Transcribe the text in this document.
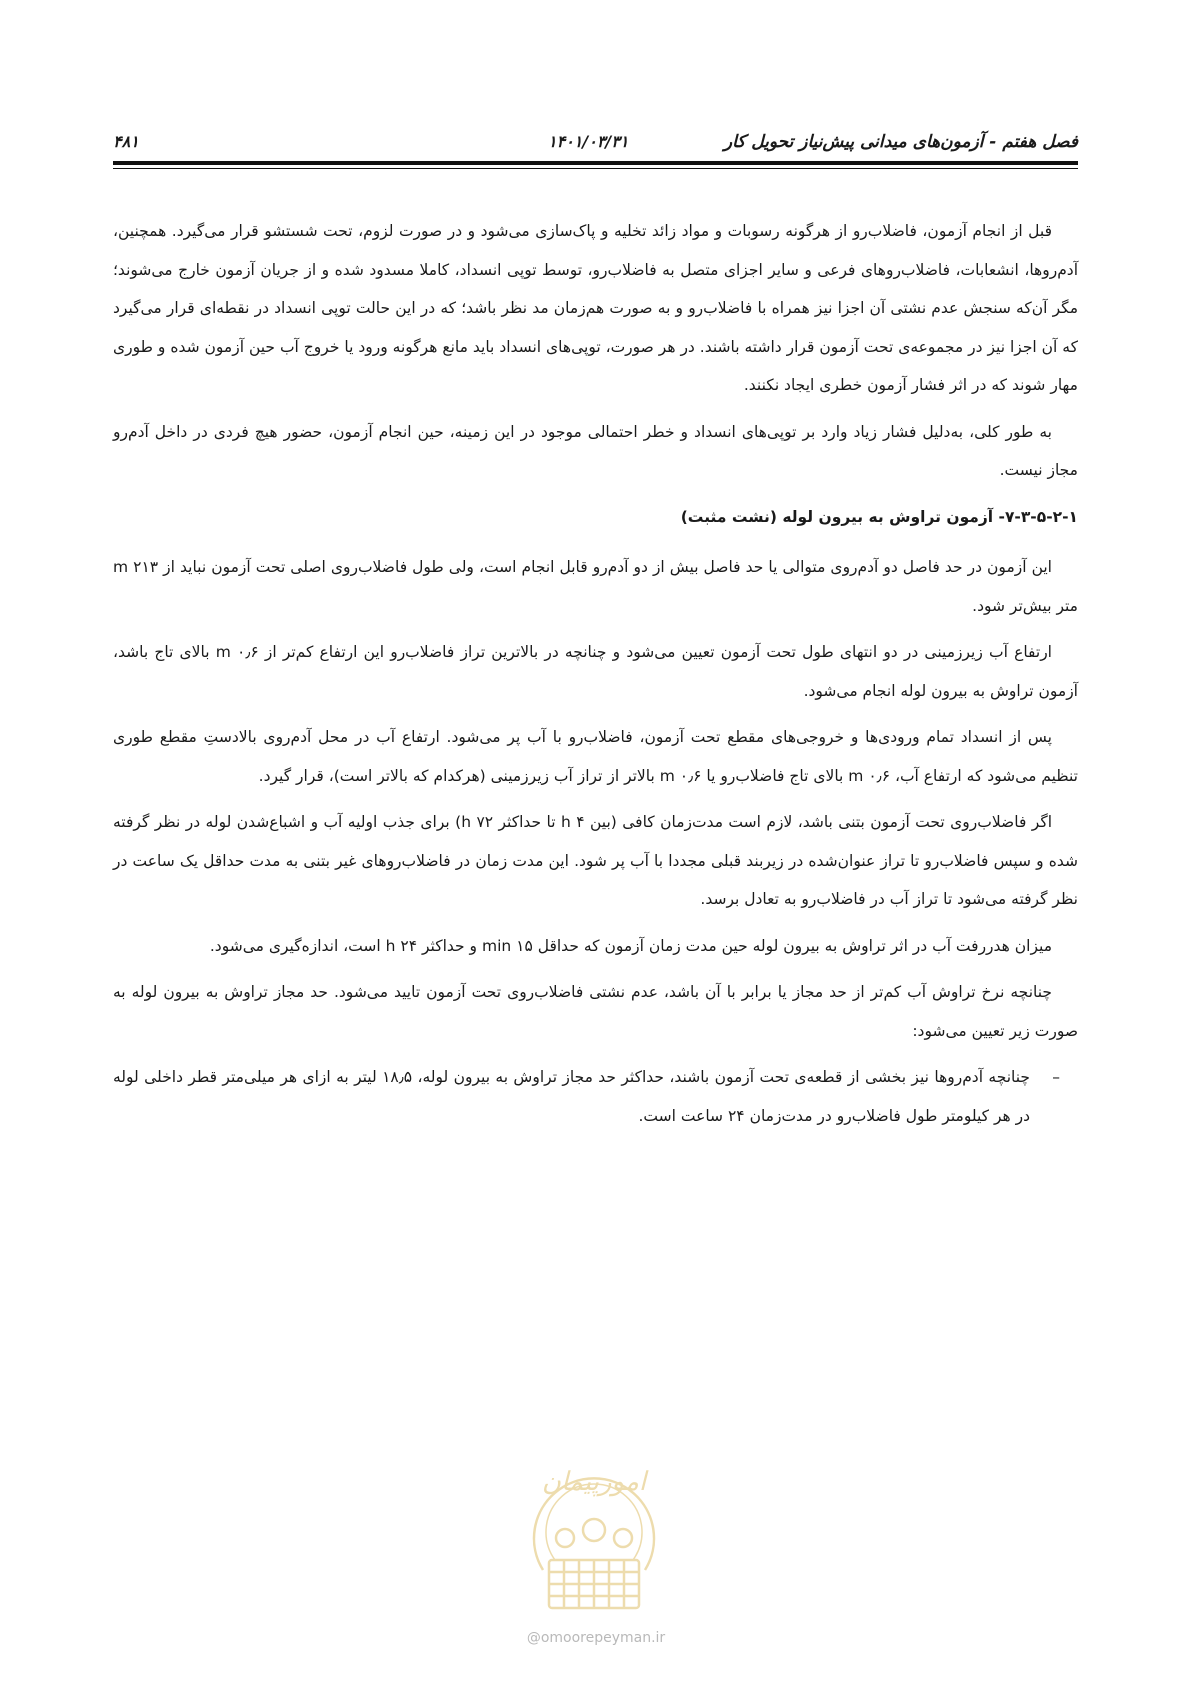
فصل هفتم - آزمون‌های میدانی پیش‌نیاز تحویل کار
۱۴۰۱/۰۳/۳۱
۴۸۱

قبل از انجام آزمون، فاضلاب‌رو از هرگونه رسوبات و مواد زائد تخلیه و پاک‌سازی می‌شود و در صورت لزوم، تحت شستشو قرار می‌گیرد. همچنین، آدم‌روها، انشعابات، فاضلاب‌روهای فرعی و سایر اجزای متصل به فاضلاب‌رو، توسط توپی انسداد، کاملا مسدود شده و از جریان آزمون خارج می‌شوند؛ مگر آن‌که سنجش عدم نشتی آن اجزا نیز همراه با فاضلاب‌رو و به صورت هم‌زمان مد نظر باشد؛ که در این حالت توپی انسداد در نقطه‌ای قرار می‌گیرد که آن اجزا نیز در مجموعه‌ی تحت آزمون قرار داشته باشند. در هر صورت، توپی‌های انسداد باید مانع هرگونه ورود یا خروج آب حین آزمون شده و طوری مهار شوند که در اثر فشار آزمون خطری ایجاد نکنند.

به طور کلی، به‌دلیل فشار زیاد وارد بر توپی‌های انسداد و خطر احتمالی موجود در این زمینه، حین انجام آزمون، حضور هیچ فردی در داخل آدم‌رو مجاز نیست.

۷-۳-۵-۲-۱- آزمون تراوش به بیرون لوله (نشت مثبت)

این آزمون در حد فاصل دو آدم‌روی متوالی یا حد فاصل بیش از دو آدم‌رو قابل انجام است، ولی طول فاضلاب‌روی اصلی تحت آزمون نباید از ۲۱۳ m متر بیش‌تر شود.

ارتفاع آب زیرزمینی در دو انتهای طول تحت آزمون تعیین می‌شود و چنانچه در بالاترین تراز فاضلاب‌رو این ارتفاع کم‌تر از ۰٫۶ m بالای تاج باشد، آزمون تراوش به بیرون لوله انجام می‌شود.

پس از انسداد تمام ورودی‌ها و خروجی‌های مقطع تحت آزمون، فاضلاب‌رو با آب پر می‌شود. ارتفاع آب در محل آدم‌روی بالادستِ مقطع طوری تنظیم می‌شود که ارتفاع آب، ۰٫۶ m بالای تاج فاضلاب‌رو یا ۰٫۶ m بالاتر از تراز آب زیرزمینی (هرکدام که بالاتر است)، قرار گیرد.

اگر فاضلاب‌روی تحت آزمون بتنی باشد، لازم است مدت‌زمان کافی (بین ۴ h تا حداکثر ۷۲ h) برای جذب اولیه آب و اشباع‌شدن لوله در نظر گرفته شده و سپس فاضلاب‌رو تا تراز عنوان‌شده در زیربند قبلی مجددا با آب پر شود. این مدت زمان در فاضلاب‌روهای غیر بتنی به مدت حداقل یک ساعت در نظر گرفته می‌شود تا تراز آب در فاضلاب‌رو به تعادل برسد.

میزان هدررفت آب در اثر تراوش به بیرون لوله حین مدت زمان آزمون که حداقل ۱۵ min و حداکثر ۲۴ h است، اندازه‌گیری می‌شود.

چنانچه نرخ تراوش آب کم‌تر از حد مجاز یا برابر با آن باشد، عدم نشتی فاضلاب‌روی تحت آزمون تایید می‌شود. حد مجاز تراوش به بیرون لوله به صورت زیر تعیین می‌شود:

–
چنانچه آدم‌روها نیز بخشی از قطعه‌ی تحت آزمون باشند، حداکثر حد مجاز تراوش به بیرون لوله، ۱۸٫۵ لیتر به ازای هر میلی‌متر قطر داخلی لوله در هر کیلومتر طول فاضلاب‌رو در مدت‌زمان ۲۴ ساعت است.
امورپیمان
@omoorepeyman.ir
